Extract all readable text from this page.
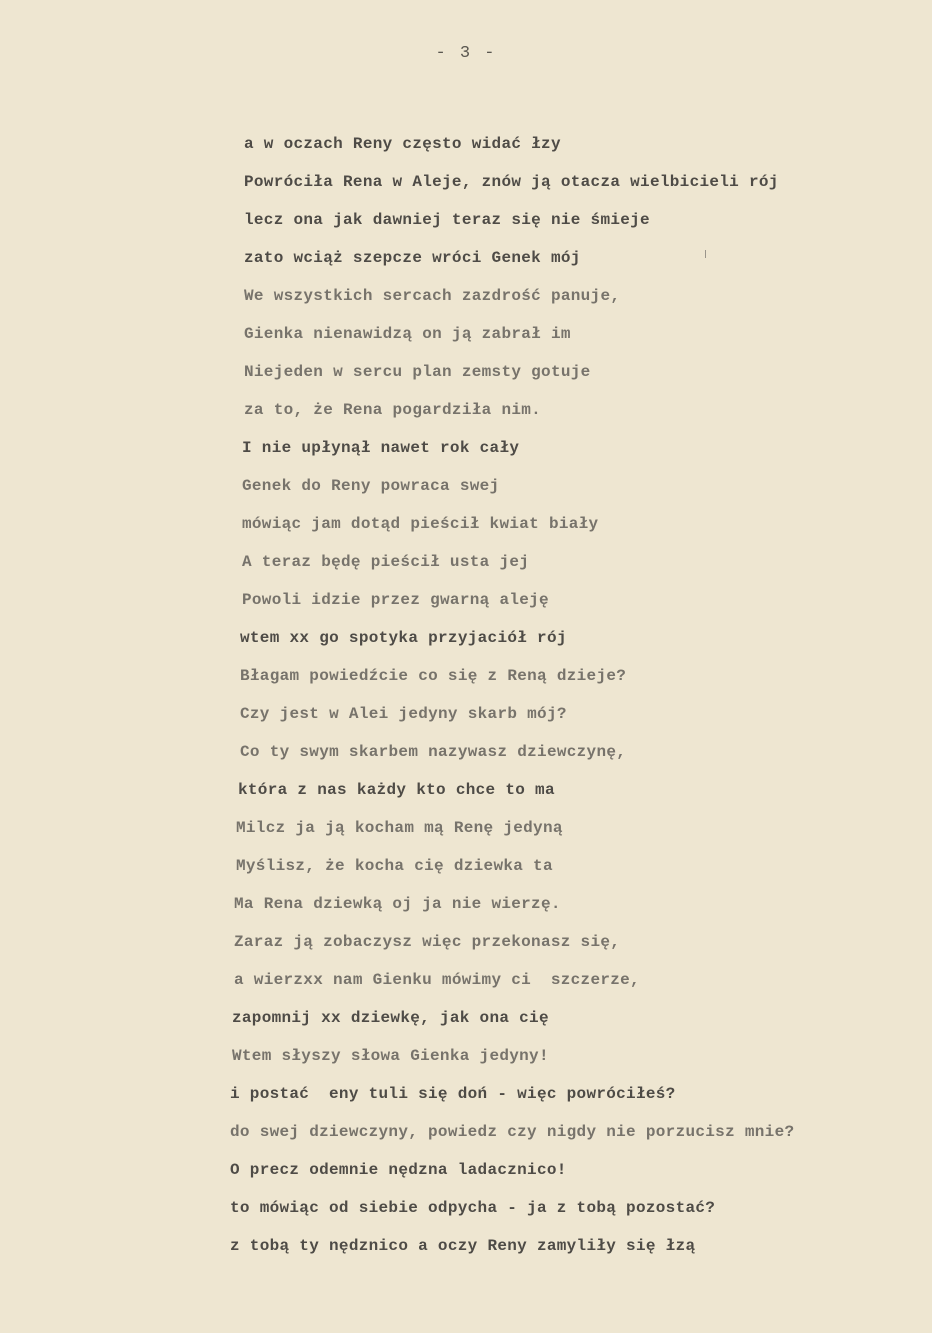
- 3 -
a w oczach Reny często widać łzy
Powróciła Rena w Aleje, znów ją otacza wielbicieli rój
lecz ona jak dawniej teraz się nie śmieje
zato wciąż szepcze wróci Genek mój
We wszystkich sercach zazdrość panuje,
Gienka nienawidzą on ją zabrał im
Niejeden w sercu plan zemsty gotuje
za to, że Rena pogardziła nim.
I nie upłynął nawet rok cały
Genek do Reny powraca swej
mówiąc jam dotąd pieścił kwiat biały
A teraz będę pieścił usta jej
Powoli idzie przez gwarną aleję
wtem xx go spotyka przyjaciół rój
Błagam powiedźcie co się z Reną dzieje?
Czy jest w Alei jedyny skarb mój?
Co ty swym skarbem nazywasz dziewczynę,
która z nas każdy kto chce to ma
Milcz ja ją kocham mą Renę jedyną
Myślisz, że kocha cię dziewka ta
Ma Rena dziewką oj ja nie wierzę.
Zaraz ją zobaczysz więc przekonasz się,
a wierzxx nam Gienku mówimy ci  szczerze,
zapomnij xx dziewkę, jak ona cię
Wtem słyszy słowa Gienka jedyny!
i postać  eny tuli się doń - więc powróciłeś?
do swej dziewczyny, powiedz czy nigdy nie porzucisz mnie?
O precz odemnie nędzna ladacznico!
to mówiąc od siebie odpycha - ja z tobą pozostać?
z tobą ty nędznico a oczy Reny zamyliły się łzą
